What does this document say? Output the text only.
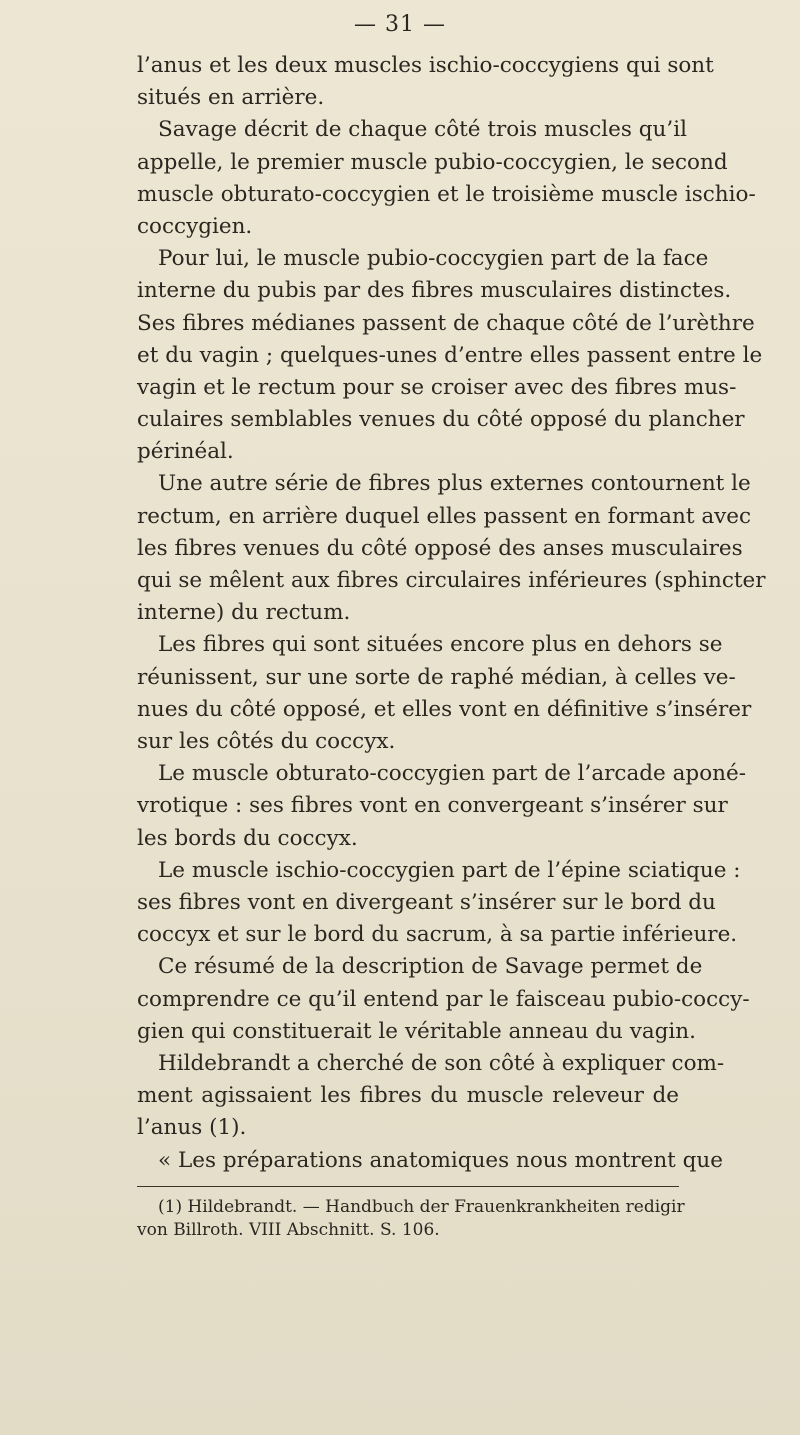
— 31 —
l’anus et les deux muscles ischio-coccygiens qui sont
situés en arrière.
Savage décrit de chaque côté trois muscles qu’il
appelle, le premier muscle pubio-coccygien, le second
muscle obturato-coccygien et le troisième muscle ischio-
coccygien.
Pour lui, le muscle pubio-coccygien part de la face
interne du pubis par des fibres musculaires distinctes.
Ses fibres médianes passent de chaque côté de l’urèthre
et du vagin ; quelques-unes d’entre elles passent entre le
vagin et le rectum pour se croiser avec des fibres mus-
culaires semblables venues du côté opposé du plancher
périnéal.
Une autre série de fibres plus externes contournent le
rectum, en arrière duquel elles passent en formant avec
les fibres venues du côté opposé des anses musculaires
qui se mêlent aux fibres circulaires inférieures (sphincter
interne) du rectum.
Les fibres qui sont situées encore plus en dehors se
réunissent, sur une sorte de raphé médian, à celles ve-
nues du côté opposé, et elles vont en définitive s’insérer
sur les côtés du coccyx.
Le muscle obturato-coccygien part de l’arcade aponé-
vrotique : ses fibres vont en convergeant s’insérer sur
les bords du coccyx.
Le muscle ischio-coccygien part de l’épine sciatique :
ses fibres vont en divergeant s’insérer sur le bord du
coccyx et sur le bord du sacrum, à sa partie inférieure.
Ce résumé de la description de Savage permet de
comprendre ce qu’il entend par le faisceau pubio-coccy-
gien qui constituerait le véritable anneau du vagin.
Hildebrandt a cherché de son côté à expliquer com-
ment agissaient les fibres du muscle releveur de
l’anus (1).
« Les préparations anatomiques nous montrent que
(1) Hildebrandt. — Handbuch der Frauenkrankheiten redigir
von Billroth. VIII Abschnitt. S. 106.
